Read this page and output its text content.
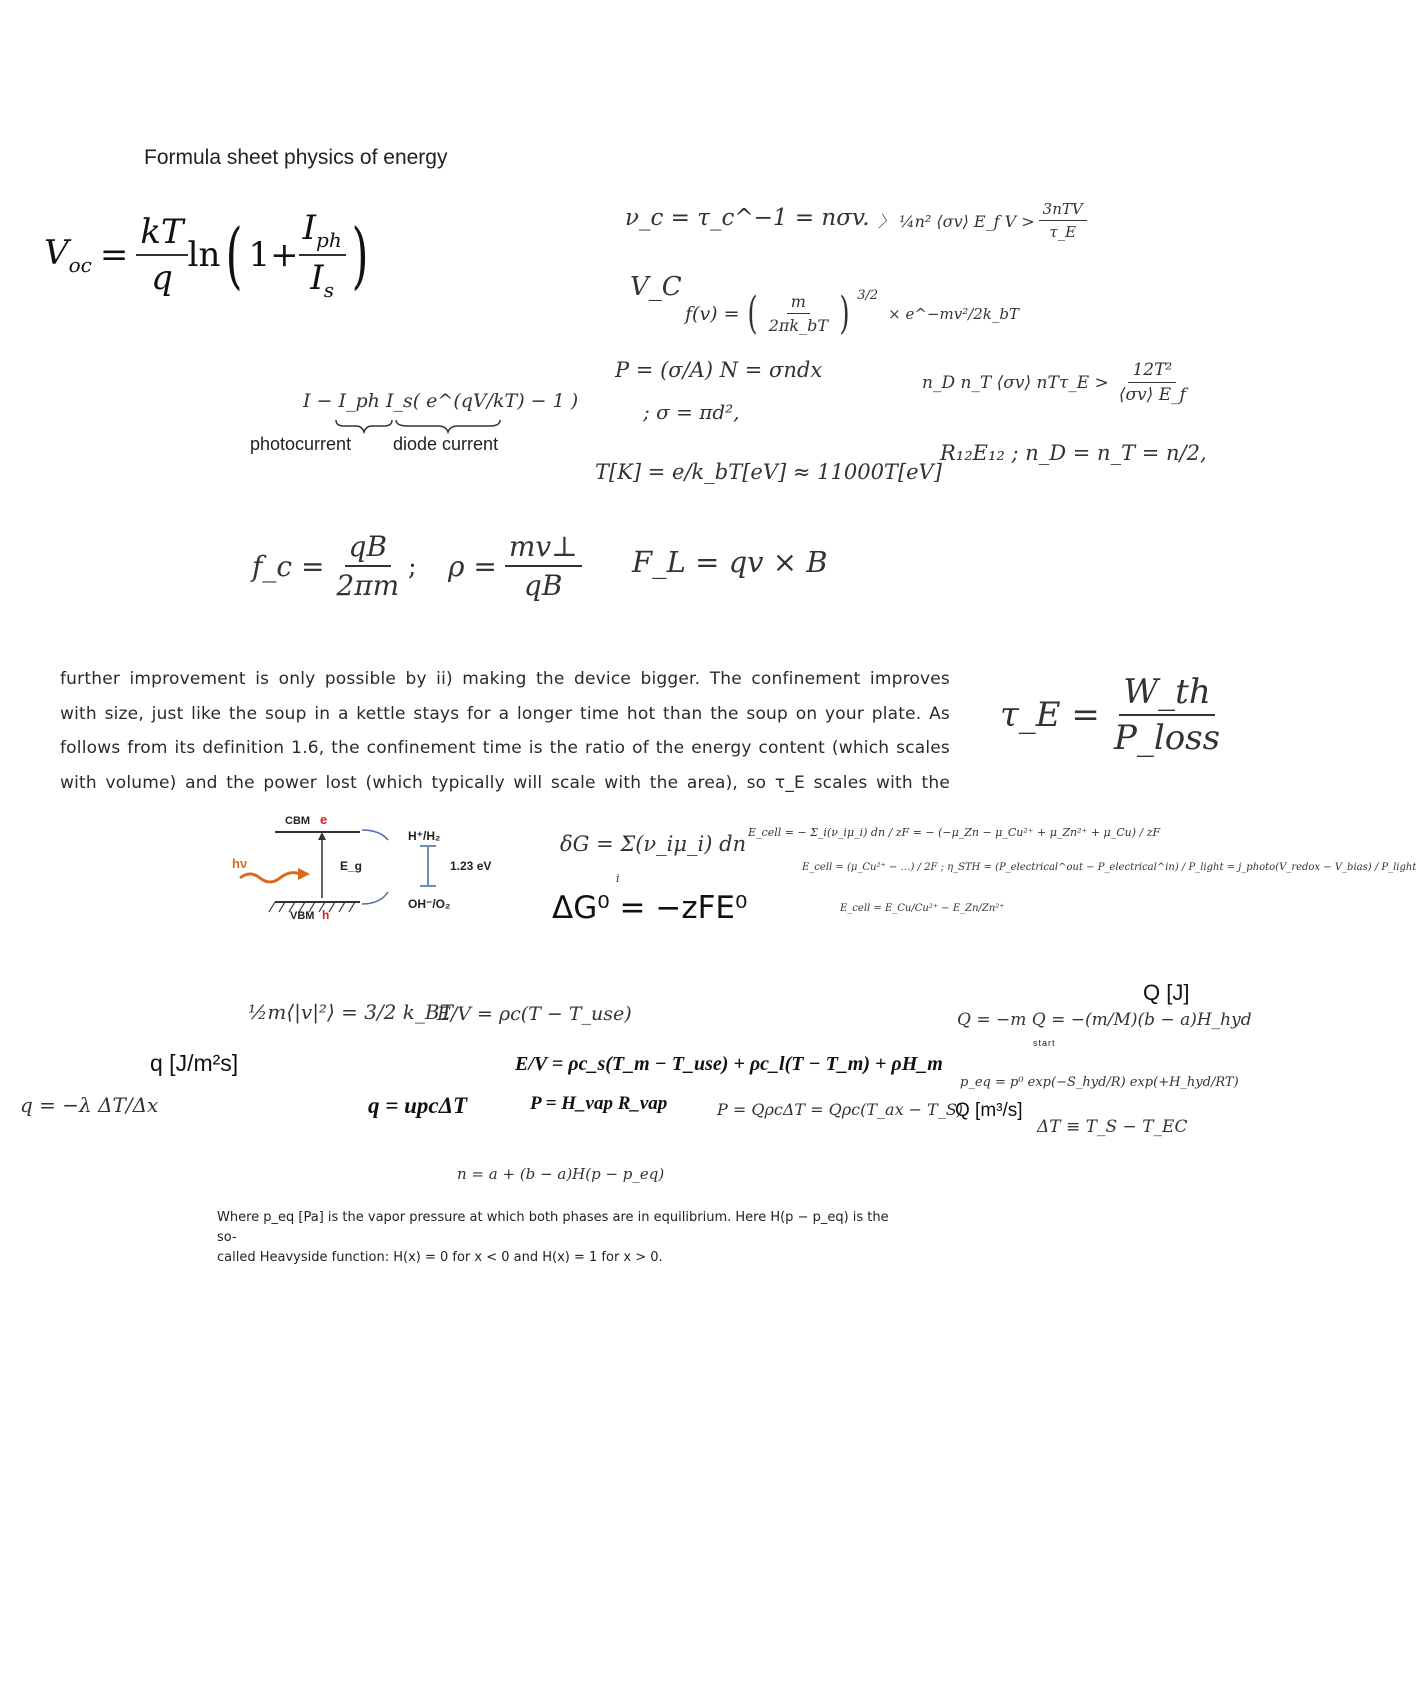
Formula sheet physics of energy
$V_{oc} = \frac{kT}{q}$ ln ( $1+ \frac{I_{ph}}{I_s}$ )	ν_c = τ_c^−1 = nσv. 〉 ¼n² ⟨σv⟩ E_f $V > \frac{\text{3nTV}}{\tau\_E}$
V_C
f(v) = ( $\frac{m}{2\pi k\_bT}$ ) $^{3/2}$
× e^−mv²/2k_bT
P = (σ/A) N = σndx
; σ = πd²,
n_D n_T ⟨σv⟩ nTτ_E > $\frac{\text{12T²}}{⟨\sigma v⟩ E\_f}$
I − I_ph I_s( e^(qV/kT) − 1 )
photocurrent diode current	R₁₂E₁₂ ; n_D = n_T = n/2,
T[K] = e/k_bT[eV] ≈ 11000T[eV]
f_c = $\frac{qB}{2\pi m}$ ; $\rho = \frac{mv\perp}{qB}$ F_L = qv × B
further improvement is only possible by ii) making the device bigger. The confinement improves
with size, just like the soup in a kettle stays for a longer time hot than the soup on your plate. As
follows from its definition 1.6, the confinement time is the ratio of the energy content (which scales
with volume) and the power lost (which typically will scale with the area), so τ_E scales with the
τ_E = $\frac{W\_th}{\text{P\_loss}}$
CBM e
VBM h
E_g
hν
H⁺/H₂
1.23 eV
OH⁻/O₂
δG = Σ(ν_iμ_i) dn
i
ΔG⁰ = −zFE⁰
E_cell = − Σ_i(ν_iμ_i) dn / zF = − (−μ_Zn − μ_Cu²⁺ + μ_Zn²⁺ + μ_Cu) / zF
E_cell = (μ_Cu²⁺ − …) / 2F ; η_STH = (P_electrical^out − P_electrical^in) / P_light = j_photo(V_redox − V_bias) / P_light
E_cell = E_Cu/Cu²⁺ − E_Zn/Zn²⁺
½m⟨|v|²⟩ = 3/2 k_BT
E/V = ρc(T − T_use)
Q [J]
Q = −m Q = −(m/M)(b − a)H_hyd
start
q [J/m²s]	E/V = ρc_s(T_m − T_use) + ρc_l(T − T_m) + ρH_m
p_eq = p⁰ exp(−S_hyd/R) exp(+H_hyd/RT)
q = −λ ΔT/Δx	q = upcΔT	P = H_vap R_vap	P = QρcΔT = Qρc(T_ax − T_S)
Q [m³/s]
ΔT ≡ T_S − T_EC
n = a + (b − a)H(p − p_eq)
Where p_eq [Pa] is the vapor pressure at which both phases are in equilibrium. Here H(p − p_eq) is the so-
called Heavyside function: H(x) = 0 for x < 0 and H(x) = 1 for x > 0.
